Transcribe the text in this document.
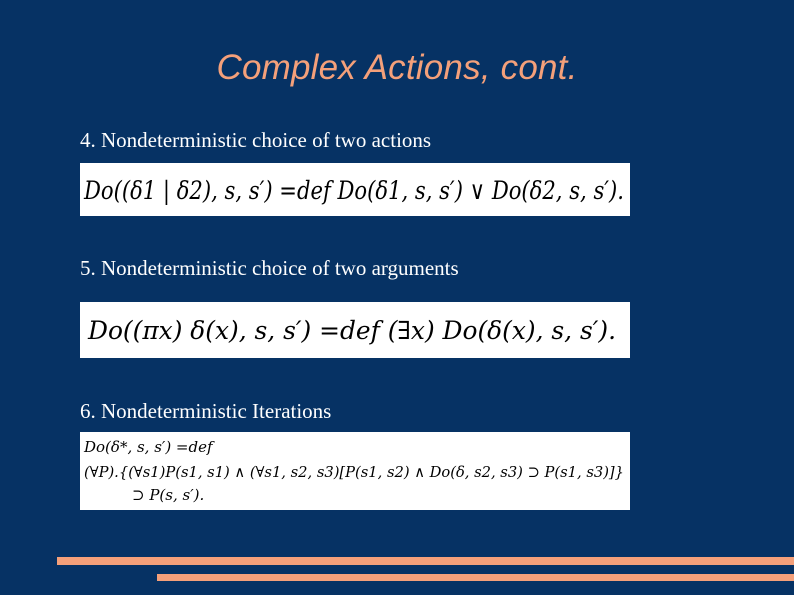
Complex Actions, cont.
4. Nondeterministic choice of two actions
Do((δ1 | δ2), s, s′) =def Do(δ1, s, s′) ∨ Do(δ2, s, s′).
5. Nondeterministic choice of two arguments
Do((πx) δ(x), s, s′) =def (∃x) Do(δ(x), s, s′).
6. Nondeterministic Iterations
Do(δ*, s, s′) =def
(∀P).{(∀s1)P(s1, s1) ∧ (∀s1, s2, s3)[P(s1, s2) ∧ Do(δ, s2, s3) ⊃ P(s1, s3)]}
⊃ P(s, s′).
